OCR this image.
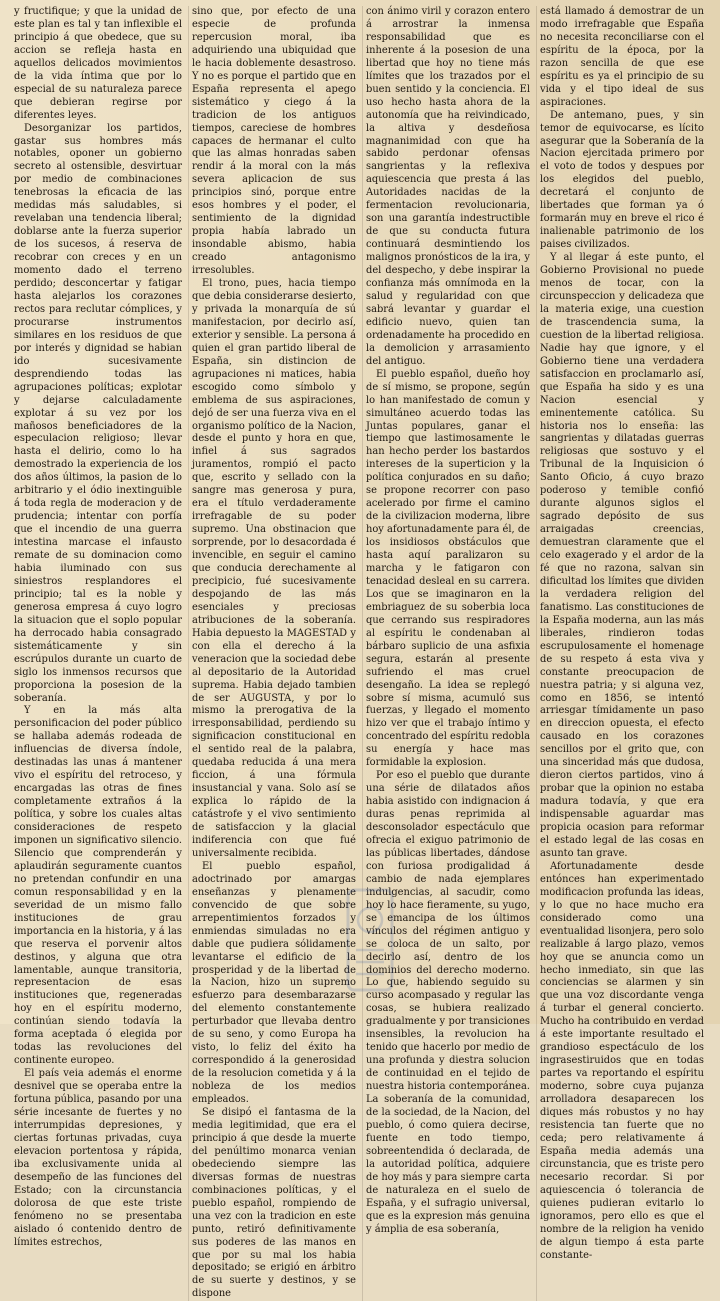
y fructifique; y que la unidad de este plan es tal y tan inflexible el principio á que obedece, que su accion se refleja hasta en aquellos delicados movimientos de la vida íntima que por lo especial de su naturaleza parece que debieran regirse por diferentes leyes.

Desorganizar los partidos, gastar sus hombres más notables, oponer un gobierno secreto al ostensible, desvirtuar por medio de combinaciones tenebrosas la eficacia de las medidas más saludables, si revelaban una tendencia liberal; doblarse ante la fuerza superior de los sucesos, á reserva de recobrar con creces y en un momento dado el terreno perdido; desconcertar y fatigar hasta alejarlos los corazones rectos para reclutar cómplices, y procurarse instrumentos similares en los residuos de que por interés y dignidad se habian ido sucesivamente desprendiendo todas las agrupaciones políticas; explotar y dejarse calculadamente explotar á su vez por los mañosos beneficiadores de la especulacion religioso; llevar hasta el delirio, como lo ha demostrado la experiencia de los dos años últimos, la pasion de lo arbitrario y el ódio inextinguible á toda regla de moderacion y de prudencia; intentar con porfía que el incendio de una guerra intestina marcase el infausto remate de su dominacion como habia iluminado con sus siniestros resplandores el principio; tal es la noble y generosa empresa á cuyo logro la situacion que el soplo popular ha derrocado habia consagrado sistemáticamente y sin escrúpulos durante un cuarto de siglo los inmensos recursos que proporciona la posesion de la soberanía.

Y en la más alta personificacion del poder público se hallaba además rodeada de influencias de diversa índole, destinadas las unas á mantener vivo el espíritu del retroceso, y encargadas las otras de fines completamente extraños á la política, y sobre los cuales altas consideraciones de respeto imponen un significativo silencio. Silencio que comprenderán y aplaudirán seguramente cuantos no pretendan confundir en una comun responsabilidad y en la severidad de un mismo fallo instituciones de grau importancia en la historia, y á las que reserva el porvenir altos destinos, y alguna que otra lamentable, aunque transitoria, representacion de esas instituciones que, regeneradas hoy en el espíritu moderno, continúan siendo todavía la forma aceptada ó elegida por todas las revoluciones del continente europeo.

El país veia además el enorme desnivel que se operaba entre la fortuna pública, pasando por una série incesante de fuertes y no interrumpidas depresiones, y ciertas fortunas privadas, cuya elevacion portentosa y rápida, iba exclusivamente unida al desempeño de las funciones del Estado; con la circunstancia dolorosa de que este triste fenómeno no se presentaba aislado ó contenido dentro de límites estrechos,

sino que, por efecto de una especie de profunda repercusion moral, iba adquiriendo una ubiquidad que le hacia doblemente desastroso. Y no es porque el partido que en España representa el apego sistemático y ciego á la tradicion de los antiguos tiempos, careciese de hombres capaces de hermanar el culto que las almas honradas saben rendir á la moral con la más severa aplicacion de sus principios sinó, porque entre esos hombres y el poder, el sentimiento de la dignidad propia había labrado un insondable abismo, habia creado antagonismo irresolubles.

El trono, pues, hacia tiempo que debia considerarse desierto, y privada la monarquía de sú manifestacion, por decirlo así, exterior y sensible. La persona á quien el gran partido liberal de España, sin distincion de agrupaciones ni matices, habia escogido como símbolo y emblema de sus aspiraciones, dejó de ser una fuerza viva en el organismo político de la Nacion, desde el punto y hora en que, infiel á sus sagrados juramentos, rompió el pacto que, escrito y sellado con la sangre mas generosa y pura, era el título verdaderamente irrefragable de su poder supremo. Una obstinacion que sorprende, por lo desacordada é invencible, en seguir el camino que conducia derechamente al precipicio, fué sucesivamente despojando de las más esenciales y preciosas atribuciones de la soberanía. Habia depuesto la MAGESTAD y con ella el derecho á la veneracion que la sociedad debe al depositario de la Autoridad suprema. Habia dejado tambien de ser AUGUSTA, y por lo mismo la prerogativa de la irresponsabilidad, perdiendo su significacion constitucional en el sentido real de la palabra, quedaba reducida á una mera ficcion, á una fórmula insustancial y vana. Solo así se explica lo rápido de la catástrofe y el vivo sentimiento de satisfaccion y la glacial indiferencia con que fué universalmente recibida.

El pueblo español, adoctrinado por amargas enseñanzas y plenamente convencido de que sobre arrepentimientos forzados y enmiendas simuladas no era dable que pudiera sólidamente levantarse el edificio de la prosperidad y de la libertad de la Nacion, hizo un supremo esfuerzo para desembarazarse del elemento constantemente perturbador que llevaba dentro de su seno, y como Europa ha visto, lo feliz del éxito ha correspondido á la generosidad de la resolucion cometida y á la nobleza de los medios empleados.

Se disipó el fantasma de la media legitimidad, que era el principio á que desde la muerte del penúltimo monarca venian obedeciendo siempre las diversas formas de nuestras combinaciones políticas, y el pueblo español, rompiendo de una vez con la tradicion en este punto, retiró definitivamente sus poderes de las manos en que por su mal los habia depositado; se erigió en árbitro de su suerte y destinos, y se dispone

con ánimo viril y corazon entero á arrostrar la inmensa responsabilidad que es inherente á la posesion de una libertad que hoy no tiene más límites que los trazados por el buen sentido y la conciencia. El uso hecho hasta ahora de la autonomía que ha reivindicado, la altiva y desdeñosa magnanimidad con que ha sabido perdonar ofensas sangrientas y la reflexiva aquiescencia que presta á las Autoridades nacidas de la fermentacion revolucionaria, son una garantía indestructible de que su conducta futura continuará desmintiendo los malignos pronósticos de la ira, y del despecho, y debe inspirar la confianza más omnímoda en la salud y regularidad con que sabrá levantar y guardar el edificio nuevo, quien tan ordenadamente ha procedido en la demolicion y arrasamiento del antiguo.

El pueblo español, dueño hoy de sí mismo, se propone, según lo han manifestado de comun y simultáneo acuerdo todas las Juntas populares, ganar el tiempo que lastimosamente le han hecho perder los bastardos intereses de la superticion y la política conjurados en su daño; se propone recorrer con paso acelerado por firme el camino de la civilizacion moderna, libre hoy afortunadamente para él, de los insidiosos obstáculos que hasta aquí paralizaron su marcha y le fatigaron con tenacidad desleal en su carrera. Los que se imaginaron en la embriaguez de su soberbia loca que cerrando sus respiradores al espíritu le condenaban al bárbaro suplicio de una asfixia segura, estarán al presente sufriendo el mas cruel desengaño. La idea se replegó sobre sí misma, acumuló sus fuerzas, y llegado el momento hizo ver que el trabajo íntimo y concentrado del espíritu redobla su energía y hace mas formidable la explosion.

Por eso el pueblo que durante una série de dilatados años habia asistido con indignacion á duras penas reprimida al desconsolador espectáculo que ofrecia el exiguo patrimonio de las públicas libertades, dándose con furiosa prodigalidad á cambio de nada ejemplares indulgencias, al sacudir, como hoy lo hace fieramente, su yugo, se emancipa de los últimos vínculos del régimen antiguo y se coloca de un salto, por decirlo así, dentro de los dominios del derecho moderno. Lo que, habiendo seguido su curso acompasado y regular las cosas, se hubiera realizado gradualmente y por transiciones insensibles, la revolucion ha tenido que hacerlo por medio de una profunda y diestra solucion de continuidad en el tejido de nuestra historia contemporánea. La soberanía de la comunidad, de la sociedad, de la Nacion, del pueblo, ó como quiera decirse, fuente en todo tiempo, sobreentendida ó declarada, de la autoridad política, adquiere de hoy más y para siempre carta de naturaleza en el suelo de España, y el sufragio universal, que es la expresion más genuina y ámplia de esa soberanía,

está llamado á demostrar de un modo irrefragable que España no necesita reconciliarse con el espíritu de la época, por la razon sencilla de que ese espíritu es ya el principio de su vida y el tipo ideal de sus aspiraciones.

De antemano, pues, y sin temor de equivocarse, es lícito asegurar que la Soberanía de la Nacion ejercitada primero por el voto de todos y despues por los elegidos del pueblo, decretará el conjunto de libertades que forman ya ó formarán muy en breve el rico é inalienable patrimonio de los paises civilizados.

Y al llegar á este punto, el Gobierno Provisional no puede menos de tocar, con la circunspeccion y delicadeza que la materia exige, una cuestion de trascendencia suma, la cuestion de la libertad religiosa. Nadie hay que ignore, y el Gobierno tiene una verdadera satisfaccion en proclamarlo así, que España ha sido y es una Nacion esencial y eminentemente católica. Su historia nos lo enseña: las sangrientas y dilatadas guerras religiosas que sostuvo y el Tribunal de la Inquisicion ó Santo Oficio, á cuyo brazo poderoso y temible confió durante algunos siglos el sagrado depósito de sus arraigadas creencias, demuestran claramente que el celo exagerado y el ardor de la fé que no razona, salvan sin dificultad los límites que dividen la verdadera religion del fanatismo. Las constituciones de la España moderna, aun las más liberales, rindieron todas escrupulosamente el homenage de su respeto á esta viva y constante preocupacion de nuestra patria; y si alguna vez, como en 1856, se intentó arriesgar tímidamente un paso en direccion opuesta, el efecto causado en los corazones sencillos por el grito que, con una sinceridad más que dudosa, dieron ciertos partidos, vino á probar que la opinion no estaba madura todavía, y que era indispensable aguardar mas propicia ocasion para reformar el estado legal de las cosas en asunto tan grave.

Afortunadamente desde entónces han experimentado modificacion profunda las ideas, y lo que no hace mucho era considerado como una eventualidad lisonjera, pero solo realizable á largo plazo, vemos hoy que se anuncia como un hecho inmediato, sin que las conciencias se alarmen y sin que una voz discordante venga á turbar el general concierto. Mucho ha contribuido en verdad á este importante resultado el grandioso espectáculo de los ingrasestiruidos que en todas partes va reportando el espíritu moderno, sobre cuya pujanza arrolladora desaparecen los diques más robustos y no hay resistencia tan fuerte que no ceda; pero relativamente á España media además una circunstancia, que es triste pero necesario recordar. Si por aquiescencia ó tolerancia de quienes pudieran evitarlo lo ignoramos, pero ello es que el nombre de la religion ha venido de algun tiempo á esta parte constante-
